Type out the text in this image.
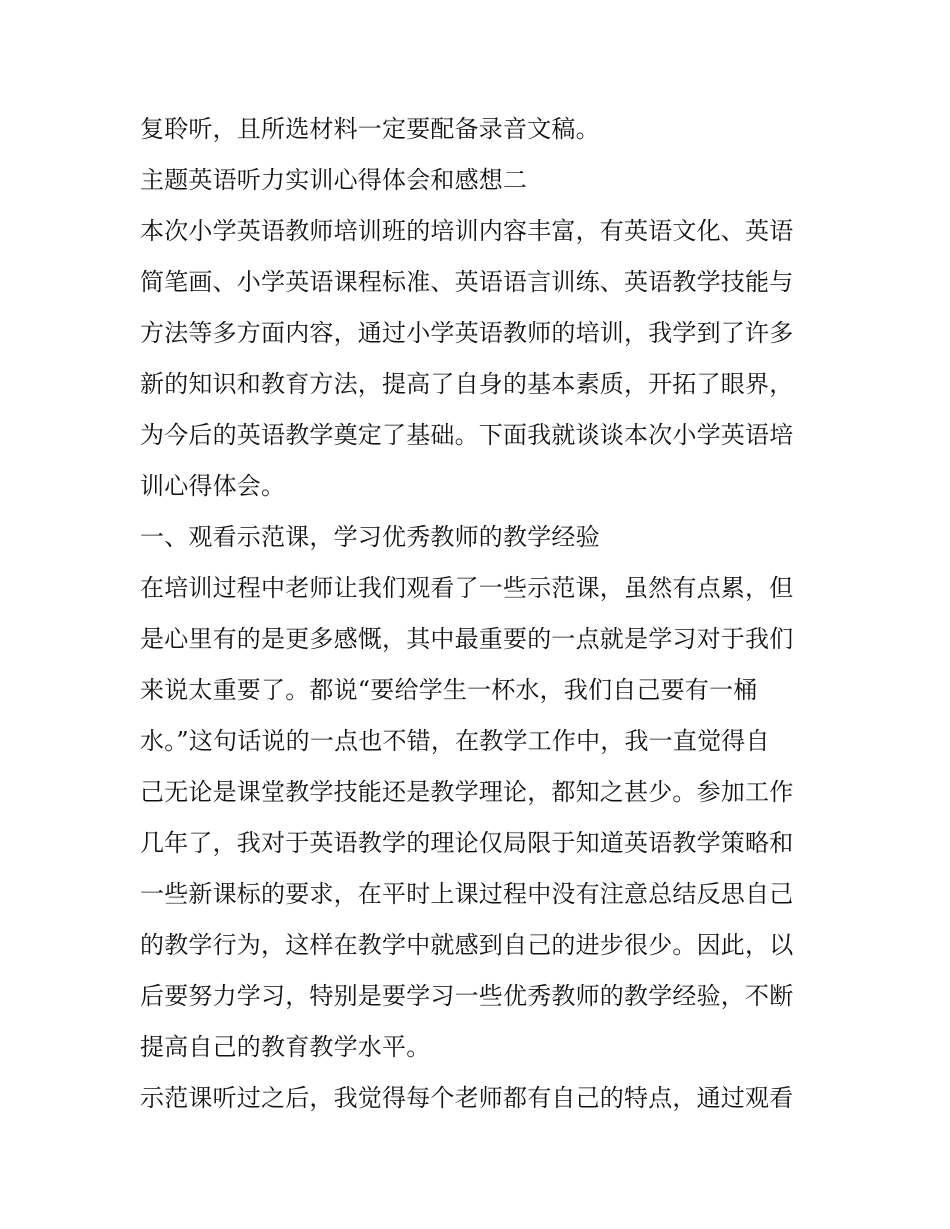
复聆听，且所选材料一定要配备录音文稿。
主题英语听力实训心得体会和感想二
本次小学英语教师培训班的培训内容丰富，有英语文化、英语
简笔画、小学英语课程标准、英语语言训练、英语教学技能与
方法等多方面内容，通过小学英语教师的培训，我学到了许多
新的知识和教育方法，提高了自身的基本素质，开拓了眼界，
为今后的英语教学奠定了基础。下面我就谈谈本次小学英语培
训心得体会。
一、观看示范课，学习优秀教师的教学经验
在培训过程中老师让我们观看了一些示范课，虽然有点累，但
是心里有的是更多感慨，其中最重要的一点就是学习对于我们
来说太重要了。都说“要给学生一杯水，我们自己要有一桶
水。”这句话说的一点也不错，在教学工作中，我一直觉得自
己无论是课堂教学技能还是教学理论，都知之甚少。参加工作
几年了，我对于英语教学的理论仅局限于知道英语教学策略和
一些新课标的要求，在平时上课过程中没有注意总结反思自己
的教学行为，这样在教学中就感到自己的进步很少。因此，以
后要努力学习，特别是要学习一些优秀教师的教学经验，不断
提高自己的教育教学水平。
示范课听过之后，我觉得每个老师都有自己的特点，通过观看
